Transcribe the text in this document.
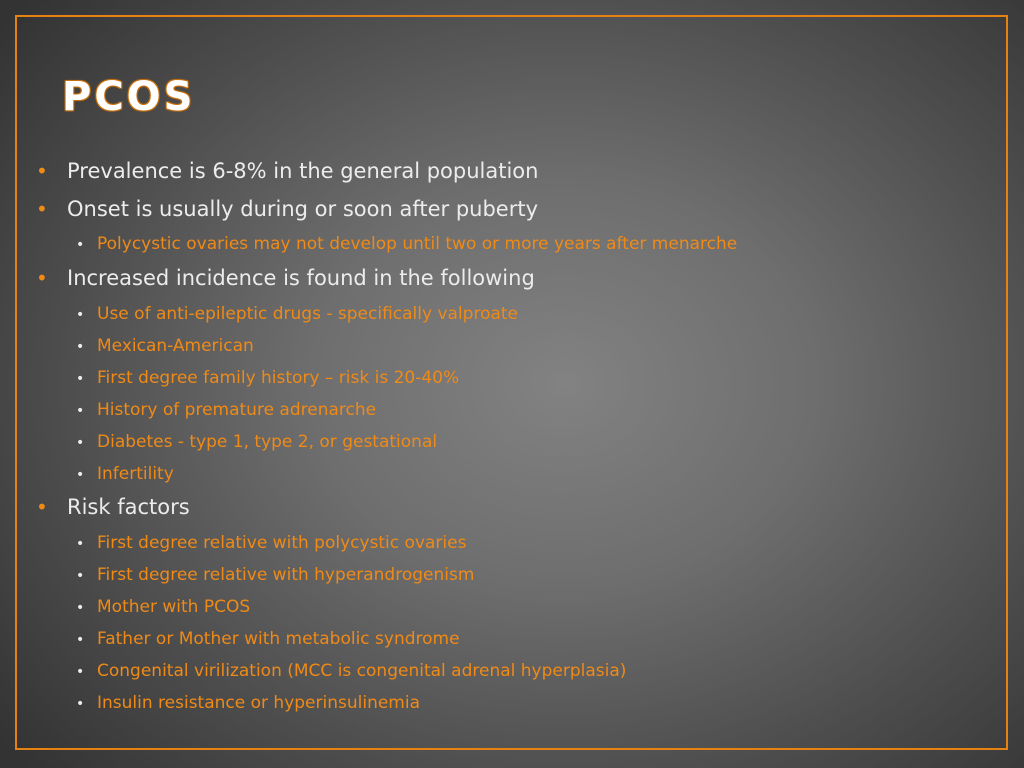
PCOS
• Prevalence is 6-8% in the general population
• Onset is usually during or soon after puberty
• Polycystic ovaries may not develop until two or more years after menarche
• Increased incidence is found in the following
• Use of anti-epileptic drugs - specifically valproate
• Mexican-American
• First degree family history – risk is 20-40%
• History of premature adrenarche
• Diabetes - type 1, type 2, or gestational
• Infertility
• Risk factors
• First degree relative with polycystic ovaries
• First degree relative with hyperandrogenism
• Mother with PCOS
• Father or Mother with metabolic syndrome
• Congenital virilization (MCC is congenital adrenal hyperplasia)
• Insulin resistance or hyperinsulinemia
